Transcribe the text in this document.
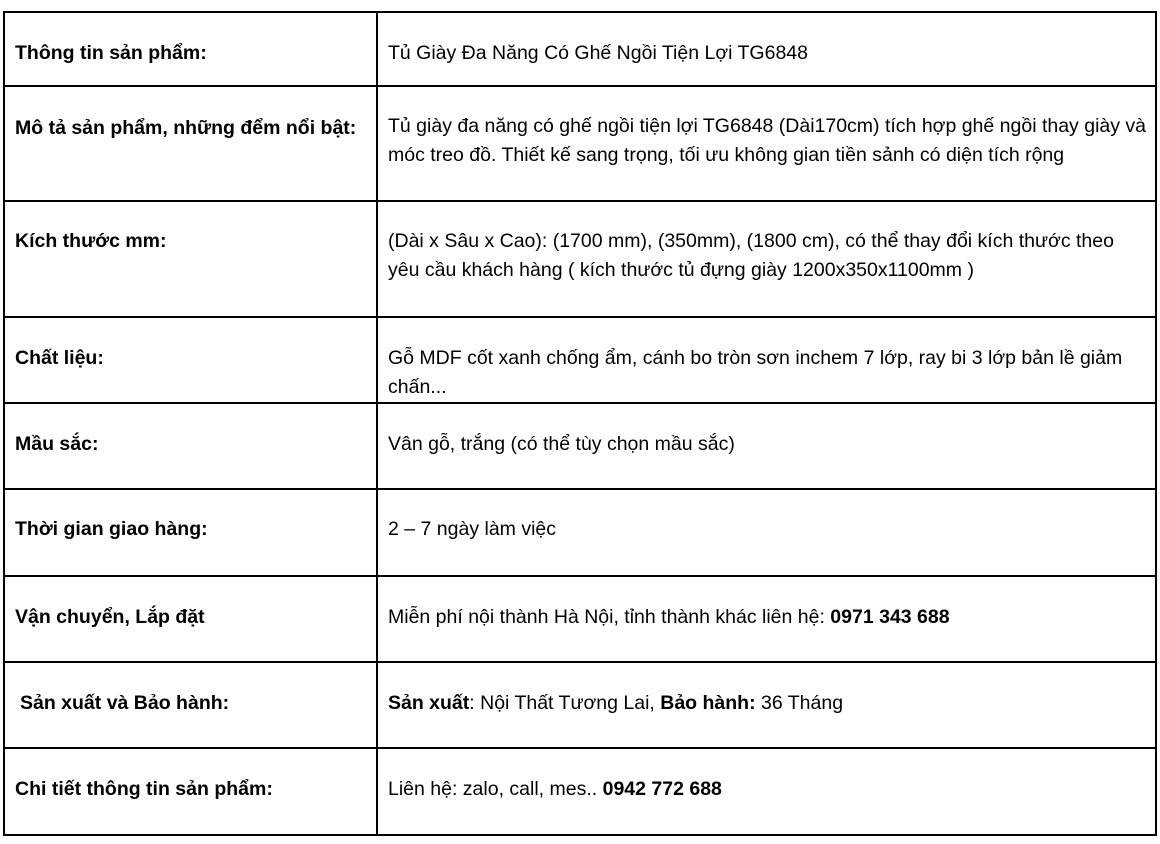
Thông tin sản phẩm:	Tủ Giày Đa Năng Có Ghế Ngồi Tiện Lợi TG6848
Mô tả sản phẩm, những đểm nổi bật:	Tủ giày đa năng có ghế ngồi tiện lợi TG6848 (Dài170cm) tích hợp ghế ngồi thay giày và móc treo đồ. Thiết kế sang trọng, tối ưu không gian tiền sảnh có diện tích rộng
Kích thước mm:	(Dài x Sâu x Cao): (1700 mm), (350mm), (1800 cm), có thể thay đổi kích thước theo yêu cầu khách hàng ( kích thước tủ đựng giày 1200x350x1100mm )
Chất liệu:	Gỗ MDF cốt xanh chống ẩm, cánh bo tròn sơn inchem 7 lớp, ray bi 3 lớp bản lề giảm chấn...
Mầu sắc:	Vân gỗ, trắng (có thể tùy chọn mầu sắc)
Thời gian giao hàng:	2 – 7 ngày làm việc
Vận chuyển, Lắp đặt	Miễn phí nội thành Hà Nội, tỉnh thành khác liên hệ: 0971 343 688
Sản xuất và Bảo hành:	Sản xuất: Nội Thất Tương Lai, Bảo hành: 36 Tháng
Chi tiết thông tin sản phẩm:	Liên hệ: zalo, call, mes.. 0942 772 688
